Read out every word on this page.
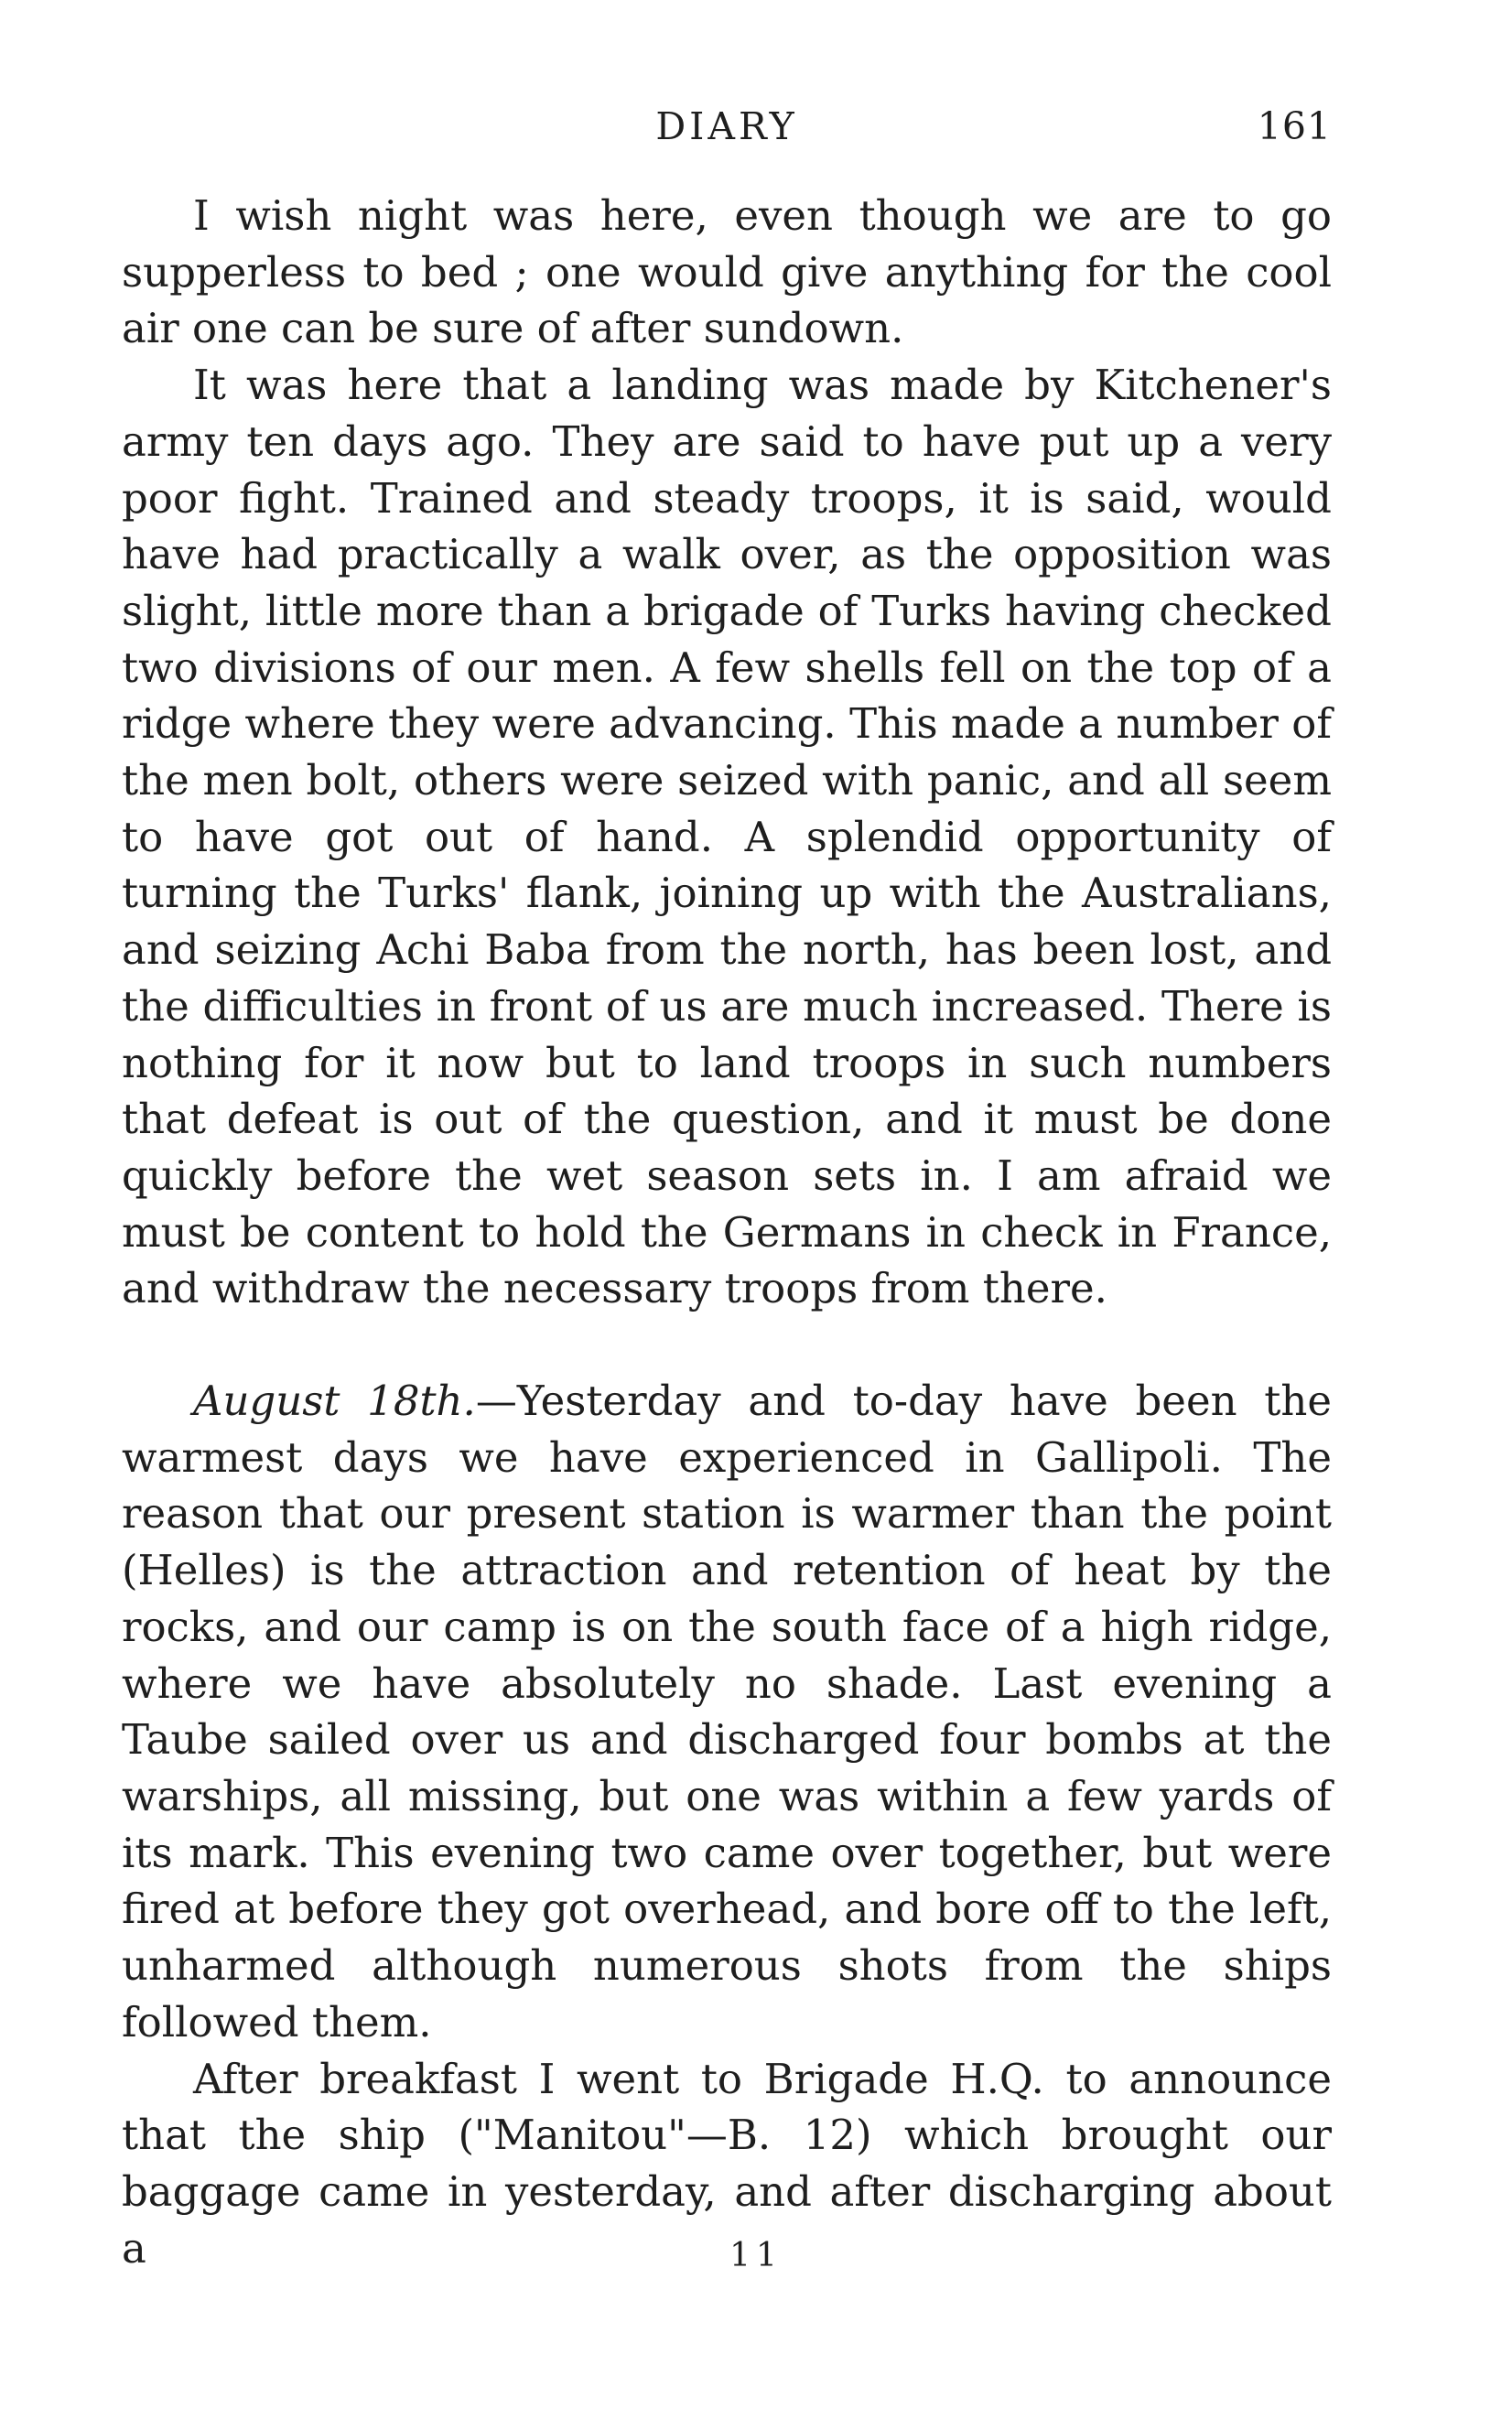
DIARY	161

I wish night was here, even though we are to go supperless to bed ; one would give anything for the cool air one can be sure of after sundown.

It was here that a landing was made by Kitchener's army ten days ago. They are said to have put up a very poor fight. Trained and steady troops, it is said, would have had practically a walk over, as the opposition was slight, little more than a brigade of Turks having checked two divisions of our men. A few shells fell on the top of a ridge where they were advancing. This made a number of the men bolt, others were seized with panic, and all seem to have got out of hand. A splendid opportunity of turning the Turks' flank, joining up with the Australians, and seizing Achi Baba from the north, has been lost, and the difficulties in front of us are much increased. There is nothing for it now but to land troops in such numbers that defeat is out of the question, and it must be done quickly before the wet season sets in. I am afraid we must be content to hold the Germans in check in France, and withdraw the necessary troops from there.

August 18th.—Yesterday and to-day have been the warmest days we have experienced in Gallipoli. The reason that our present station is warmer than the point (Helles) is the attraction and retention of heat by the rocks, and our camp is on the south face of a high ridge, where we have absolutely no shade. Last evening a Taube sailed over us and discharged four bombs at the warships, all missing, but one was within a few yards of its mark. This evening two came over together, but were fired at before they got overhead, and bore off to the left, unharmed although numerous shots from the ships followed them.

After breakfast I went to Brigade H.Q. to announce that the ship ("Manitou"—B. 12) which brought our baggage came in yesterday, and after discharging about a	11
